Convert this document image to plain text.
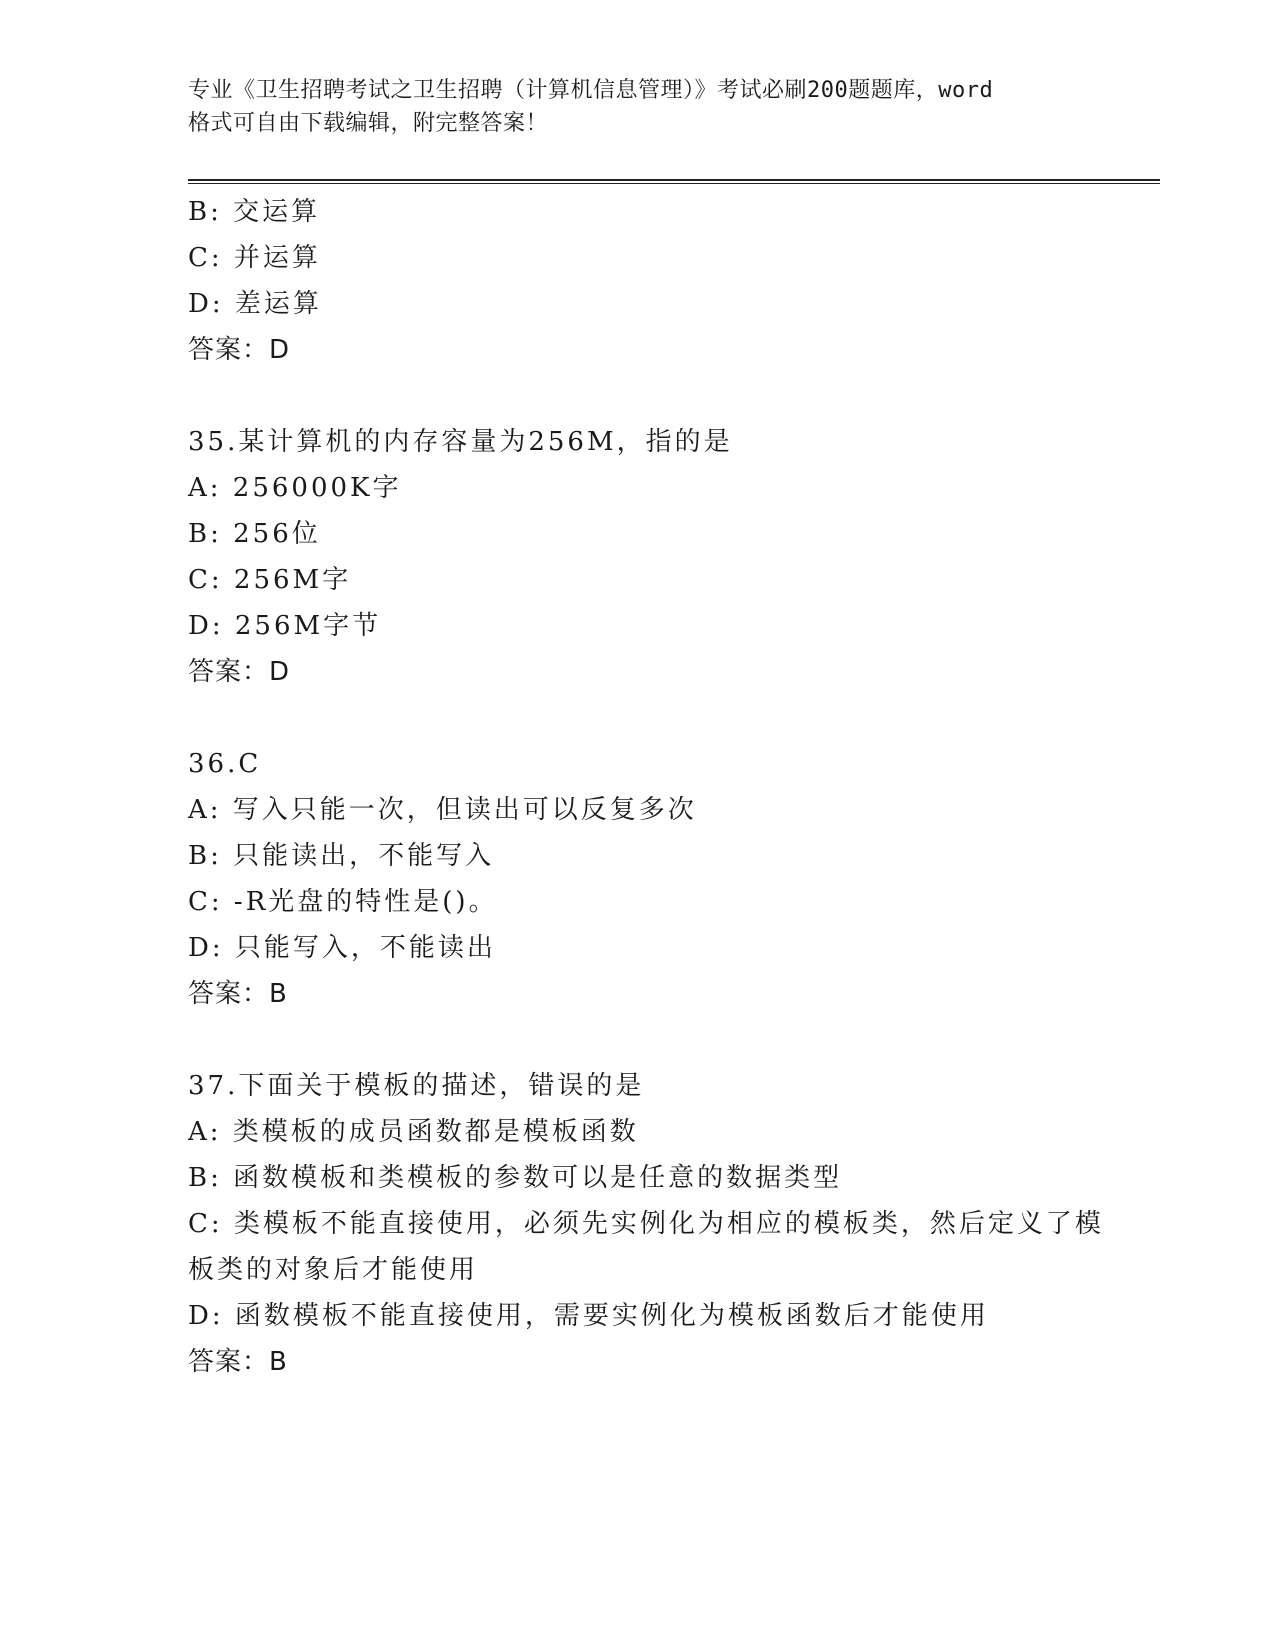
专业《卫生招聘考试之卫生招聘（计算机信息管理）》考试必刷200题题库，word
格式可自由下载编辑，附完整答案！
B: 交运算
C: 并运算
D: 差运算
答案：D
35.某计算机的内存容量为256M，指的是
A: 256000K字
B: 256位
C: 256M字
D: 256M字节
答案：D
36.C
A: 写入只能一次，但读出可以反复多次
B: 只能读出，不能写入
C: -R光盘的特性是()。
D: 只能写入，不能读出
答案：B
37.下面关于模板的描述，错误的是
A: 类模板的成员函数都是模板函数
B: 函数模板和类模板的参数可以是任意的数据类型
C: 类模板不能直接使用，必须先实例化为相应的模板类，然后定义了模板类的对象后才能使用
D: 函数模板不能直接使用，需要实例化为模板函数后才能使用
答案：B
